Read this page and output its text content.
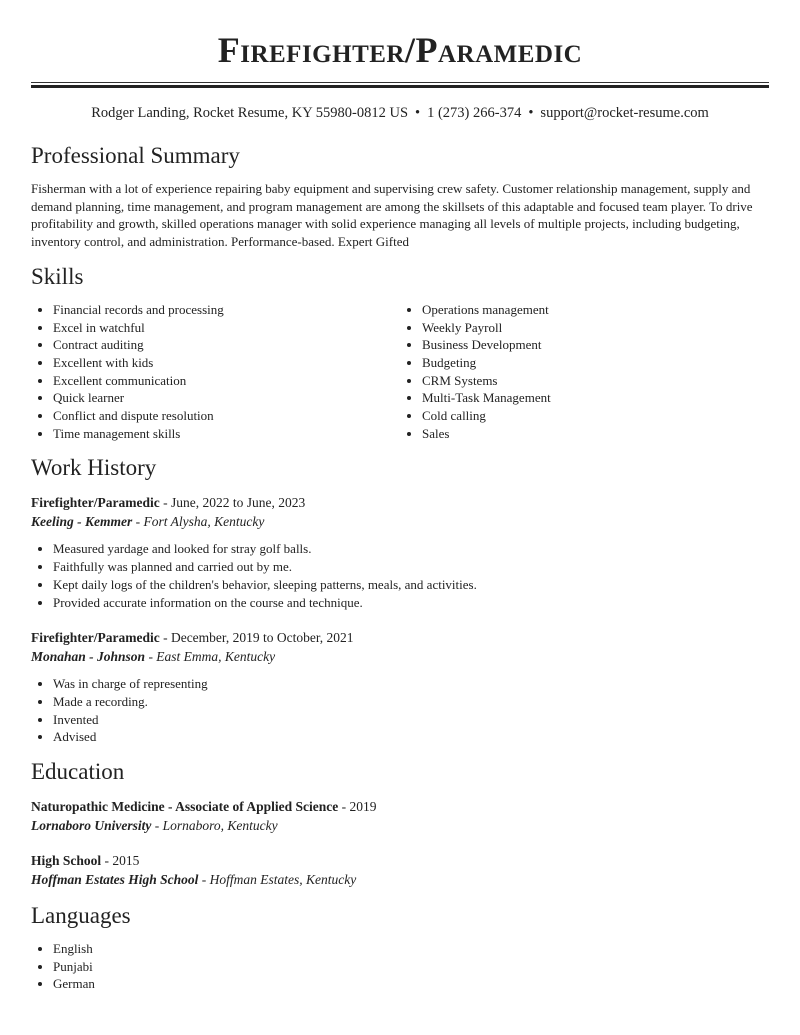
Firefighter/Paramedic
Rodger Landing, Rocket Resume, KY 55980-0812 US • 1 (273) 266-374 • support@rocket-resume.com
Professional Summary

Fisherman with a lot of experience repairing baby equipment and supervising crew safety. Customer relationship management, supply and demand planning, time management, and program management are among the skillsets of this adaptable and focused team player. To drive profitability and growth, skilled operations manager with solid experience managing all levels of multiple projects, including budgeting, inventory control, and administration. Performance-based. Expert Gifted

Skills
• Financial records and processing
• Excel in watchful
• Contract auditing
• Excellent with kids
• Excellent communication
• Quick learner
• Conflict and dispute resolution
• Time management skills
• Operations management
• Weekly Payroll
• Business Development
• Budgeting
• CRM Systems
• Multi-Task Management
• Cold calling
• Sales
Work History
Firefighter/Paramedic - June, 2022 to June, 2023
Keeling - Kemmer - Fort Alysha, Kentucky
• Measured yardage and looked for stray golf balls.
• Faithfully was planned and carried out by me.
• Kept daily logs of the children's behavior, sleeping patterns, meals, and activities.
• Provided accurate information on the course and technique.
Firefighter/Paramedic - December, 2019 to October, 2021
Monahan - Johnson - East Emma, Kentucky
• Was in charge of representing
• Made a recording.
• Invented
• Advised
Education
Naturopathic Medicine - Associate of Applied Science - 2019
Lornaboro University - Lornaboro, Kentucky
High School - 2015
Hoffman Estates High School - Hoffman Estates, Kentucky
Languages
• English
• Punjabi
• German
